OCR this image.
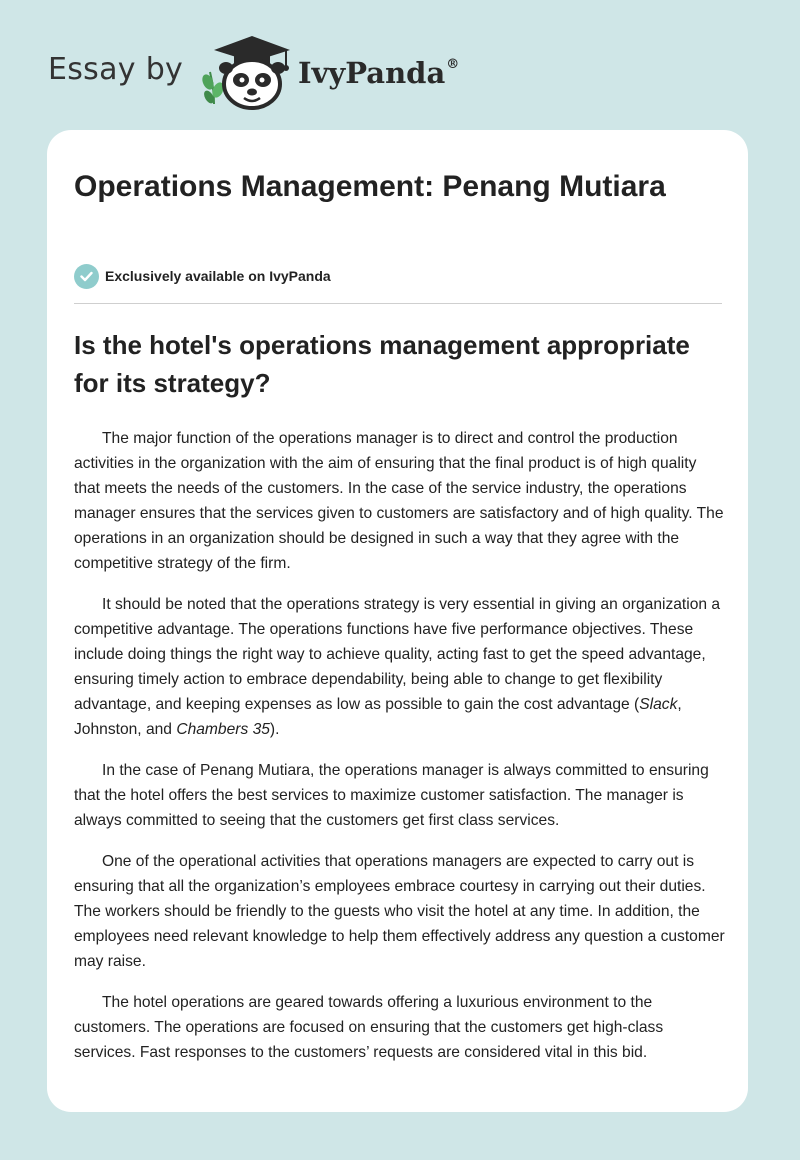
Essay by	IvyPanda®
Operations Management: Penang Mutiara
Exclusively available on IvyPanda
Is the hotel's operations management appropriate for its strategy?

The major function of the operations manager is to direct and control the production activities in the organization with the aim of ensuring that the final product is of high quality that meets the needs of the customers. In the case of the service industry, the operations manager ensures that the services given to customers are satisfactory and of high quality. The operations in an organization should be designed in such a way that they agree with the competitive strategy of the firm.

It should be noted that the operations strategy is very essential in giving an organization a competitive advantage. The operations functions have five performance objectives. These include doing things the right way to achieve quality, acting fast to get the speed advantage, ensuring timely action to embrace dependability, being able to change to get flexibility advantage, and keeping expenses as low as possible to gain the cost advantage (Slack, Johnston, and Chambers 35).

In the case of Penang Mutiara, the operations manager is always committed to ensuring that the hotel offers the best services to maximize customer satisfaction. The manager is always committed to seeing that the customers get first class services.

One of the operational activities that operations managers are expected to carry out is ensuring that all the organization’s employees embrace courtesy in carrying out their duties. The workers should be friendly to the guests who visit the hotel at any time. In addition, the employees need relevant knowledge to help them effectively address any question a customer may raise.

The hotel operations are geared towards offering a luxurious environment to the customers. The operations are focused on ensuring that the customers get high-class services. Fast responses to the customers’ requests are considered vital in this bid.
